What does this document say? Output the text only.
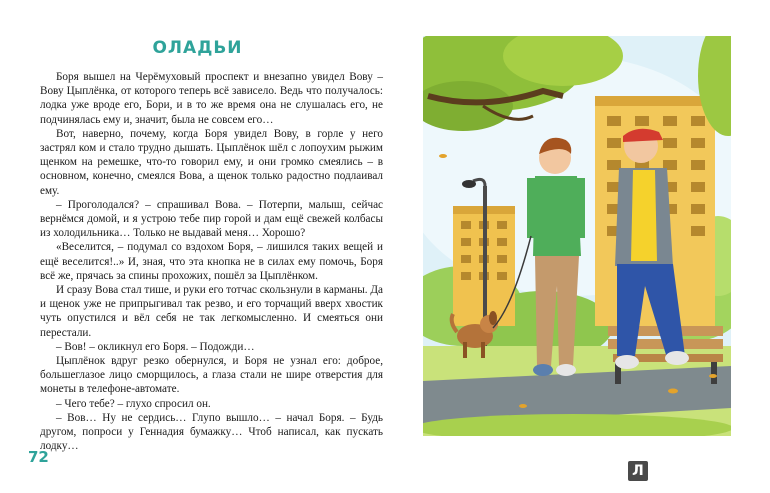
ОЛАДЬИ

Боря вышел на Черёмуховый проспект и внезапно увидел Вову – Вову Цыплёнка, от которого теперь всё зависело. Ведь что получалось: лодка уже вроде его, Бори, и в то же время она не слушалась его, не подчинялась ему и, значит, была не совсем его…

Вот, наверно, почему, когда Боря увидел Вову, в горле у него застрял ком и стало трудно дышать. Цыплёнок шёл с лопоухим рыжим щенком на ремешке, что-то говорил ему, и они громко смеялись – в основном, конечно, смеялся Вова, а щенок только радостно подлаивал ему.

– Проголодался? – спрашивал Вова. – Потерпи, малыш, сейчас вернёмся домой, и я устрою тебе пир горой и дам ещё свежей колбасы из холодильника… Только не выдавай меня… Хорошо?

«Веселится, – подумал со вздохом Боря, – лишился таких вещей и ещё веселится!..» И, зная, что эта кнопка не в силах ему помочь, Боря всё же, прячась за спины прохожих, пошёл за Цыплёнком.

И сразу Вова стал тише, и руки его тотчас скользнули в карманы. Да и щенок уже не припрыгивал так резво, и его торчащий вверх хвостик чуть опустился и вёл себя не так легкомысленно. И смеяться они перестали.

– Вов! – окликнул его Боря. – Подожди…

Цыплёнок вдруг резко обернулся, и Боря не узнал его: доброе, большеглазое лицо сморщилось, а глаза стали не шире отверстия для монеты в телефоне-автомате.

– Чего тебе? – глухо спросил он.

– Вов… Ну не сердись… Глупо вышло… – начал Боря. – Будь другом, попроси у Геннадия бумажку… Чтоб написал, как пускать лодку…

72
Л
